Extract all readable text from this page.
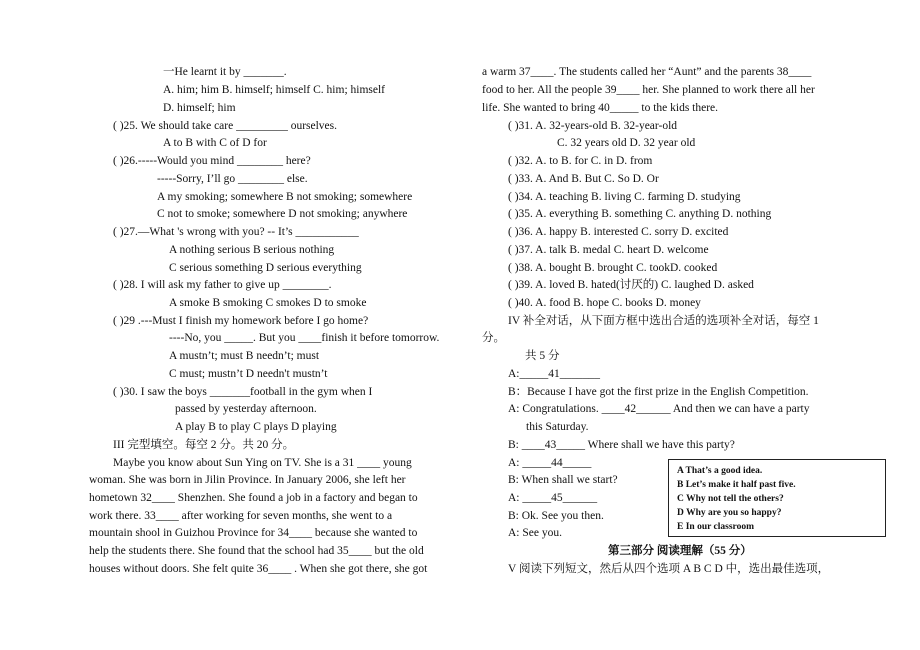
一He learnt it by _______.
A. him; him B. himself; himself C. him; himself
D. himself; him
( )25. We should take care _________ ourselves.
A to B with C of D for
( )26.-----Would you mind ________ here?
-----Sorry, I’ll go ________ else.
A my smoking; somewhere B not smoking; somewhere
C not to smoke; somewhere D not smoking; anywhere
( )27.—What 's wrong with you? -- It’s ___________
A nothing serious B serious nothing
C serious something D serious everything
( )28. I will ask my father to give up ________.
A smoke B smoking C smokes D to smoke
( )29 .---Must I finish my homework before I go home?
----No, you _____. But you ____finish it before tomorrow.
A mustn’t; must B needn’t; must
C must; mustn’t D needn't mustn’t
( )30. I saw the boys _______football in the gym when I
passed by yesterday afternoon.
A play B to play C plays D playing
III 完型填空。每空 2 分。共 20 分。
Maybe you know about Sun Ying on TV. She is a 31 ____ young
woman. She was born in Jilin Province. In January 2006, she left her
hometown 32____ Shenzhen. She found a job in a factory and began to
work there. 33____ after working for seven months, she went to a
mountain shool in Guizhou Province for 34____ because she wanted to
help the students there. She found that the school had 35____ but the old
houses without doors. She felt quite 36____ . When she got there, she got
a warm 37____. The students called her “Aunt” and the parents 38____
food to her. All the people 39____ her. She planned to work there all her
life. She wanted to bring 40_____ to the kids there.
( )31. A. 32-years-old B. 32-year-old
C. 32 years old D. 32 year old
( )32. A. to B. for C. in D. from
( )33. A. And B. But C. So D. Or
( )34. A. teaching B. living C. farming D. studying
( )35. A. everything B. something C. anything D. nothing
( )36. A. happy B. interested C. sorry D. excited
( )37. A. talk B. medal C. heart D. welcome
( )38. A. bought B. brought C. tookD. cooked
( )39. A. loved B. hated(讨厌的) C. laughed D. asked
( )40. A. food B. hope C. books D. money
IV 补全对话，从下面方框中选出合适的选项补全对话，每空 1
分。
共 5 分
A:_____41_______
B：Because I have got the first prize in the English Competition.
A: Congratulations. ____42______ And then we can have a party
this Saturday.
B: ____43_____ Where shall we have this party?
A: _____44_____
B: When shall we start?
A: _____45______
B: Ok. See you then.
A: See you.
第三部分 阅读理解（55 分）
V 阅读下列短文，然后从四个选项 A B C D 中，选出最佳选项，
A That’s a good idea.
B Let’s make it half past five.
C Why not tell the others?
D Why are you so happy?
E In our classroom
